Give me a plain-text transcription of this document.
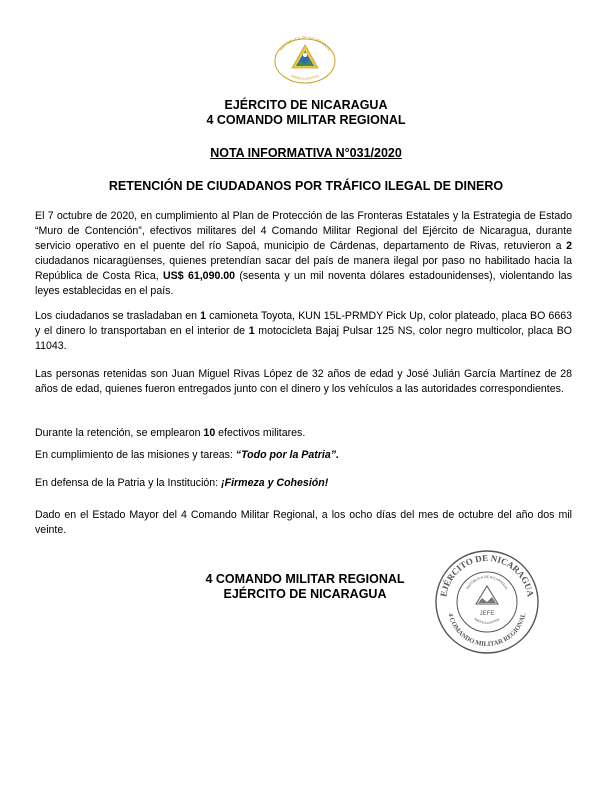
REPÚBLICA DE NICARAGUA
AMÉRICA CENTRAL
EJÉRCITO DE NICARAGUA
4 COMANDO MILITAR REGIONAL
NOTA INFORMATIVA N°031/2020
RETENCIÓN DE CIUDADANOS POR TRÁFICO ILEGAL DE DINERO

El 7 octubre de 2020, en cumplimiento al Plan de Protección de las Fronteras Estatales y la Estrategia de Estado “Muro de Contención”, efectivos militares del 4 Comando Militar Regional del Ejército de Nicaragua, durante servicio operativo en el puente del río Sapoá, municipio de Cárdenas, departamento de Rivas, retuvieron a 2 ciudadanos nicaragüenses, quienes pretendían sacar del país de manera ilegal por paso no habilitado hacia la República de Costa Rica, US$ 61,090.00 (sesenta y un mil noventa dólares estadounidenses), violentando las leyes establecidas en el país.

Los ciudadanos se trasladaban en 1 camioneta Toyota, KUN 15L-PRMDY Pick Up, color plateado, placa BO 6663 y el dinero lo transportaban en el interior de 1 motocicleta Bajaj Pulsar 125 NS, color negro multicolor, placa BO 11043.

Las personas retenidas son Juan Miguel Rivas López de 32 años de edad y José Julián García Martínez de 28 años de edad, quienes fueron entregados junto con el dinero y los vehículos a las autoridades correspondientes.

Durante la retención, se emplearon 10 efectivos militares.

En cumplimiento de las misiones y tareas: “Todo por la Patria”.

En defensa de la Patria y la Institución: ¡Firmeza y Cohesión!

Dado en el Estado Mayor del 4 Comando Militar Regional, a los ocho días del mes de octubre del año dos mil veinte.

4 COMANDO MILITAR REGIONAL
EJÉRCITO DE NICARAGUA	EJÉRCITO DE NICARAGUA
4 COMANDO MILITAR REGIONAL
REPÚBLICA DE NICARAGUA
AMÉRICA CENTRAL
JEFE
